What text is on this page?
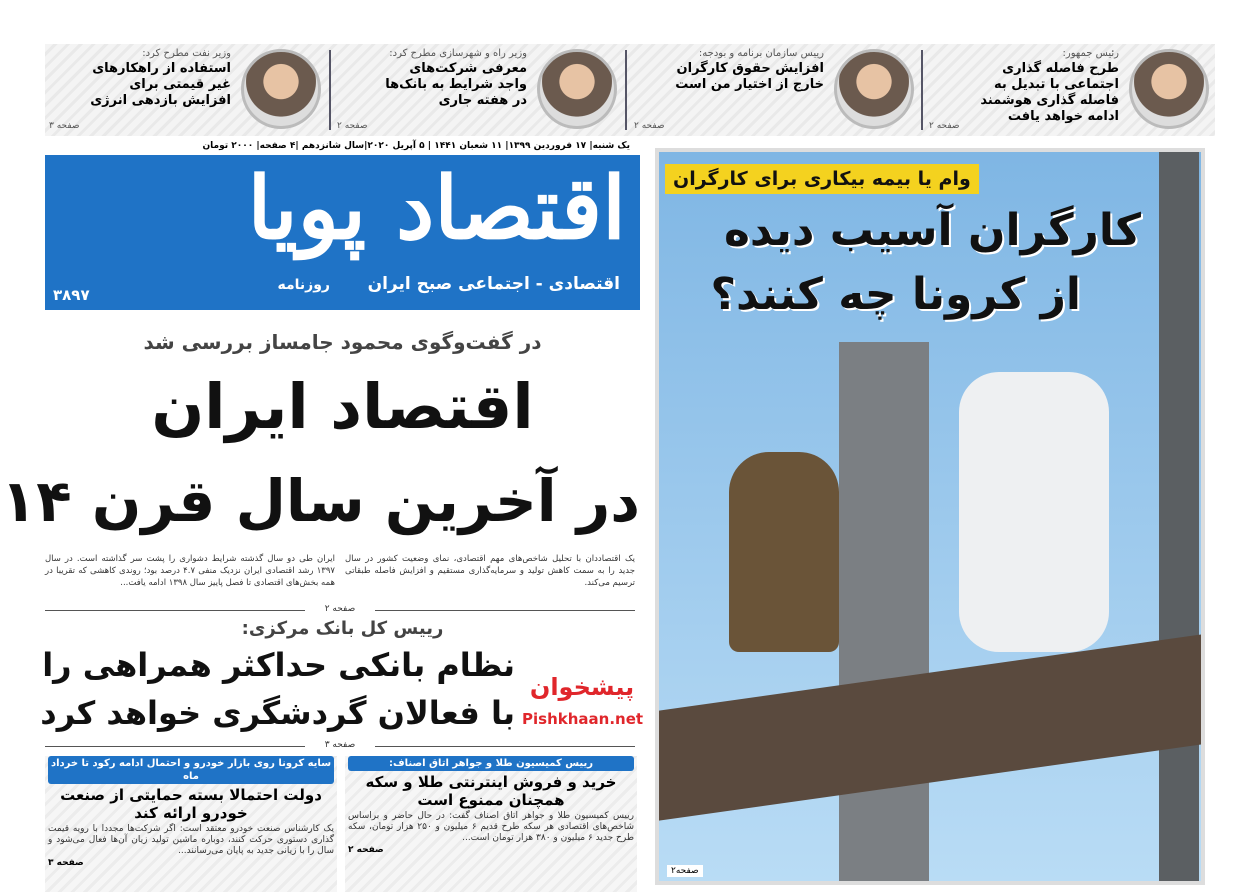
رئیس جمهور:
طرح فاصله گذاری اجتماعی با تبدیل به فاصله گذاری هوشمند ادامه خواهد یافت
صفحه ۲
رییس سازمان برنامه و بودجه:
افزایش حقوق کارگران خارج از اختیار من است
صفحه ۲
وزیر راه و شهرسازی مطرح کرد:
معرفی شرکت‌های واجد شرایط به بانک‌ها در هفته جاری
صفحه ۲
وزیر نفت مطرح کرد:
استفاده از راهکارهای غیر قیمتی برای افزایش بازدهی انرژی
صفحه ۳
یک شنبه| ۱۷ فروردین ۱۳۹۹| ۱۱ شعبان ۱۴۴۱ | ۵ آپریل ۲۰۲۰|سال شانزدهم |۴ صفحه| ۲۰۰۰ تومان
اقتصاد پویا
روزنامه اقتصادی - اجتماعی صبح ایران
۳۸۹۷
در گفت‌وگوی محمود جامساز بررسی شد
اقتصاد ایران
در آخرین سال قرن ۱۴
یک اقتصاددان با تحلیل شاخص‌های مهم اقتصادی، نمای وضعیت کشور در سال جدید را به سمت کاهش تولید و سرمایه‌گذاری مستقیم و افزایش فاصله طبقاتی ترسیم می‌کند.
ایران طی دو سال گذشته شرایط دشواری را پشت سر گذاشته است. در سال ۱۳۹۷ رشد اقتصادی ایران نزدیک منفی ۴.۷ درصد بود؛ روندی کاهشی که تقریبا در همه بخش‌های اقتصادی تا فصل پاییز سال ۱۳۹۸ ادامه یافت...
صفحه ۲
رییس کل بانک مرکزی:
نظام بانکی حداکثر همراهی را
با فعالان گردشگری خواهد کرد
پیشخوان
Pishkhaan.net
صفحه ۳
رییس کمیسیون طلا و جواهر اتاق اصناف:
خرید و فروش اینترنتی طلا و سکه همچنان ممنوع است
رییس کمیسیون طلا و جواهر اتاق اصناف گفت: در حال حاضر و براساس شاخص‌های اقتصادی هر سکه طرح قدیم ۶ میلیون و ۲۵۰ هزار تومان، سکه طرح جدید ۶ میلیون و ۳۸۰ هزار تومان است...
صفحه ۲
سایه کرونا روی بازار خودرو و احتمال ادامه رکود تا خرداد ماه
دولت احتمالا بسته حمایتی از صنعت خودرو ارائه کند
یک کارشناس صنعت خودرو معتقد است: اگر شرکت‌ها مجددا با رویه قیمت گذاری دستوری حرکت کنند، دوباره ماشین تولید زیان آن‌ها فعال می‌شود و سال را با زیانی جدید به پایان می‌رسانند...
صفحه ۳
وام یا بیمه بیکاری برای کارگران
کارگران آسیب دیده
از کرونا چه کنند؟
صفحه۲
